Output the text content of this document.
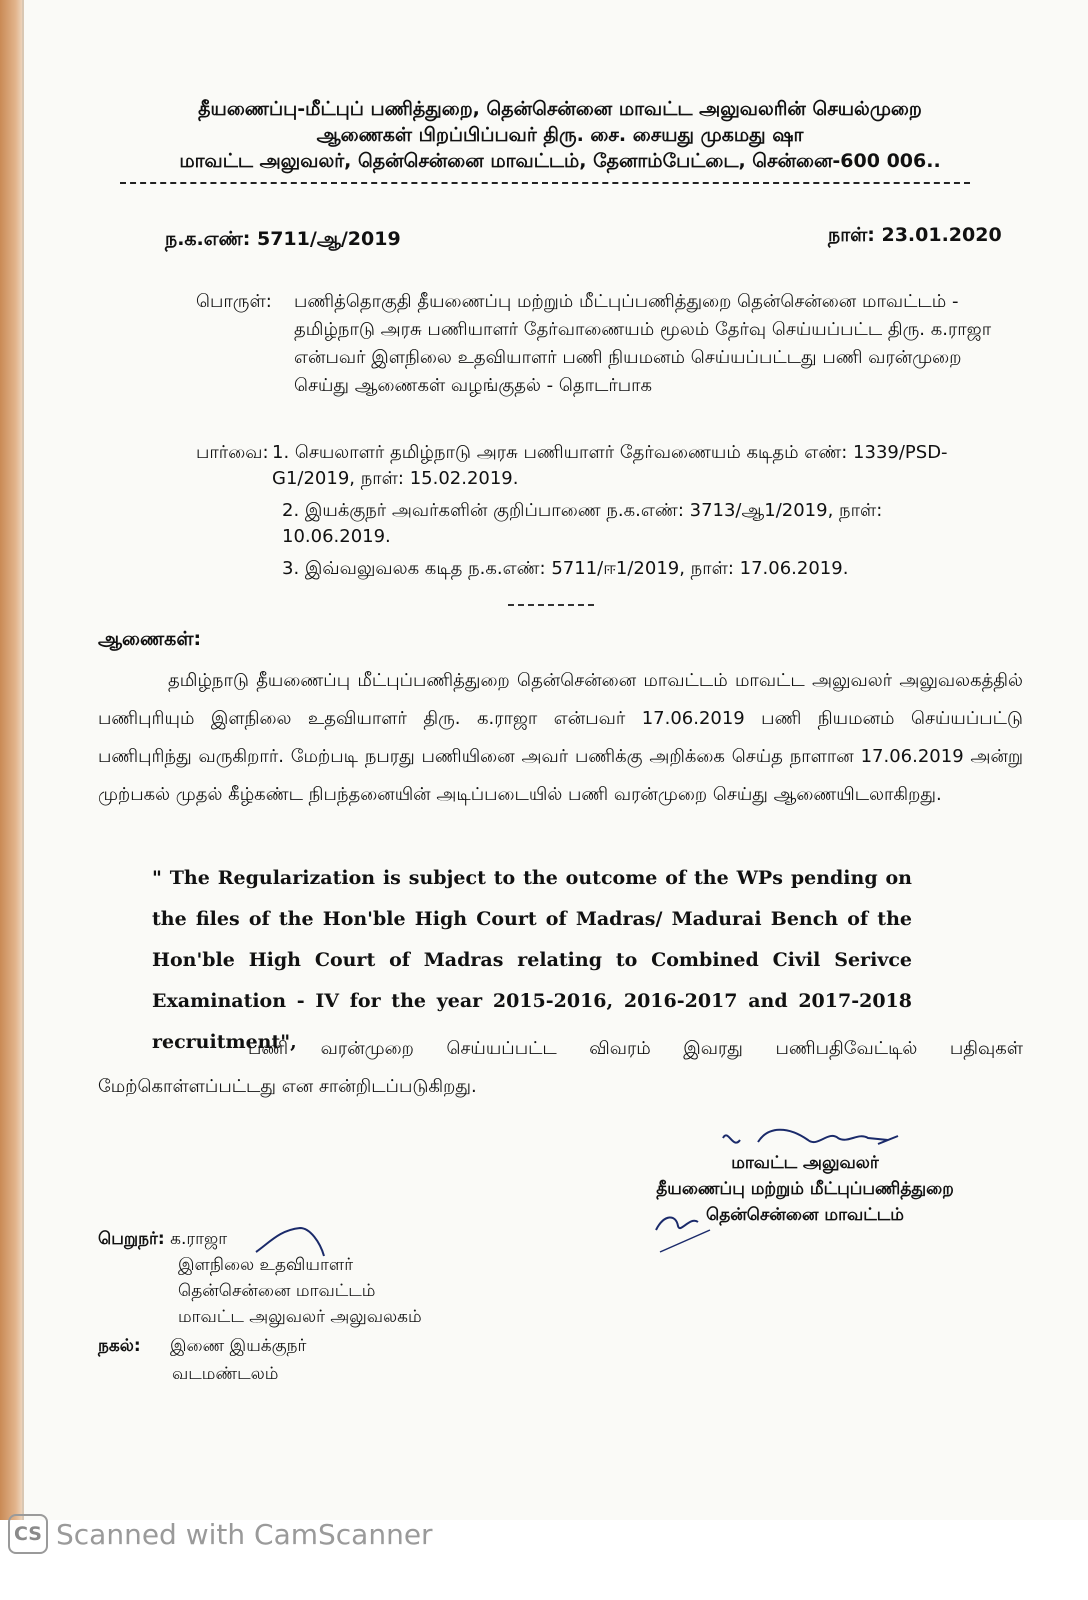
தீயணைப்பு-மீட்புப் பணித்துறை, தென்சென்னை மாவட்ட அலுவலரின் செயல்முறை
ஆணைகள் பிறப்பிப்பவர் திரு. சை. சையது முகமது ஷா
மாவட்ட அலுவலர், தென்சென்னை மாவட்டம், தேனாம்பேட்டை, சென்னை-600 006..
ந.க.எண்: 5711/ஆ/2019	நாள்: 23.01.2020
பொருள்: பணித்தொகுதி தீயணைப்பு மற்றும் மீட்புப்பணித்துறை தென்சென்னை மாவட்டம் - தமிழ்நாடு அரசு பணியாளர் தேர்வாணையம் மூலம் தேர்வு செய்யப்பட்ட திரு. க.ராஜா என்பவர் இளநிலை உதவியாளர் பணி நியமனம் செய்யப்பட்டது பணி வரன்முறை செய்து ஆணைகள் வழங்குதல் - தொடர்பாக
பார்வை: 1. செயலாளர் தமிழ்நாடு அரசு பணியாளர் தேர்வணையம் கடிதம் எண்: 1339/PSD-G1/2019, நாள்: 15.02.2019.
2. இயக்குநர் அவர்களின் குறிப்பாணை ந.க.எண்: 3713/ஆ1/2019, நாள்: 10.06.2019.
3. இவ்வலுவலக கடித ந.க.எண்: 5711/ஈ1/2019, நாள்: 17.06.2019.
ஆணைகள்:
தமிழ்நாடு தீயணைப்பு மீட்புப்பணித்துறை தென்சென்னை மாவட்டம் மாவட்ட அலுவலர் அலுவலகத்தில் பணிபுரியும் இளநிலை உதவியாளர் திரு. க.ராஜா என்பவர் 17.06.2019 பணி நியமனம் செய்யப்பட்டு பணிபுரிந்து வருகிறார். மேற்படி நபரது பணியினை அவர் பணிக்கு அறிக்கை செய்த நாளான 17.06.2019 அன்று முற்பகல் முதல் கீழ்கண்ட நிபந்தனையின் அடிப்படையில் பணி வரன்முறை செய்து ஆணையிடலாகிறது.
" The Regularization is subject to the outcome of the WPs pending on the files of the Hon'ble High Court of Madras/ Madurai Bench of the Hon'ble High Court of Madras relating to Combined Civil Serivce Examination - IV for the year 2015-2016, 2016-2017 and 2017-2018 recruitment",
பணி வரன்முறை செய்யப்பட்ட விவரம் இவரது பணிபதிவேட்டில் பதிவுகள் மேற்கொள்ளப்பட்டது என சான்றிடப்படுகிறது.
மாவட்ட அலுவலர்
தீயணைப்பு மற்றும் மீட்புப்பணித்துறை
தென்சென்னை மாவட்டம்
பெறுநர்: க.ராஜா
இளநிலை உதவியாளர்
தென்சென்னை மாவட்டம்
மாவட்ட அலுவலர் அலுவலகம்
நகல்: இணை இயக்குநர்
வடமண்டலம்
CS Scanned with CamScanner
